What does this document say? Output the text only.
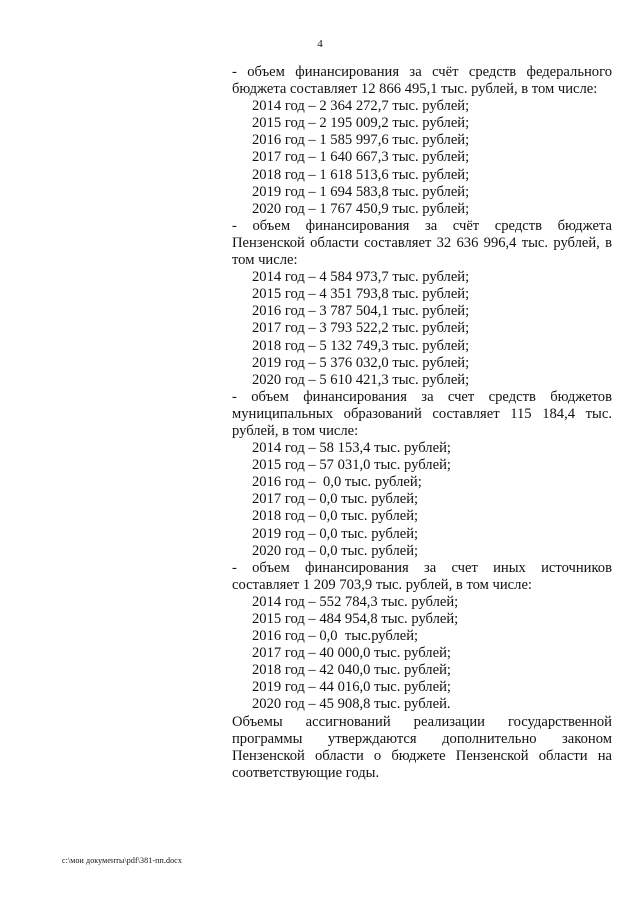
4
- объем финансирования за счёт средств федерального бюджета составляет 12 866 495,1 тыс. рублей, в том числе:
2014 год – 2 364 272,7 тыс. рублей;
2015 год – 2 195 009,2 тыс. рублей;
2016 год – 1 585 997,6 тыс. рублей;
2017 год – 1 640 667,3 тыс. рублей;
2018 год – 1 618 513,6 тыс. рублей;
2019 год – 1 694 583,8 тыс. рублей;
2020 год – 1 767 450,9 тыс. рублей;
- объем финансирования за счёт средств бюджета Пензенской области составляет 32 636 996,4 тыс. рублей, в том числе:
2014 год – 4 584 973,7 тыс. рублей;
2015 год – 4 351 793,8 тыс. рублей;
2016 год – 3 787 504,1 тыс. рублей;
2017 год – 3 793 522,2 тыс. рублей;
2018 год – 5 132 749,3 тыс. рублей;
2019 год – 5 376 032,0 тыс. рублей;
2020 год – 5 610 421,3 тыс. рублей;
- объем финансирования за счет средств бюджетов муниципальных образований составляет 115 184,4 тыс. рублей, в том числе:
2014 год – 58 153,4 тыс. рублей;
2015 год – 57 031,0 тыс. рублей;
2016 год –  0,0 тыс. рублей;
2017 год – 0,0 тыс. рублей;
2018 год – 0,0 тыс. рублей;
2019 год – 0,0 тыс. рублей;
2020 год – 0,0 тыс. рублей;
- объем финансирования за счет иных источников составляет 1 209 703,9 тыс. рублей, в том числе:
2014 год – 552 784,3 тыс. рублей;
2015 год – 484 954,8 тыс. рублей;
2016 год – 0,0  тыс.рублей;
2017 год – 40 000,0 тыс. рублей;
2018 год – 42 040,0 тыс. рублей;
2019 год – 44 016,0 тыс. рублей;
2020 год – 45 908,8 тыс. рублей.
Объемы ассигнований реализации государственной программы утверждаются дополнительно законом Пензенской области о бюджете Пензенской области на соответствующие годы.
c:\мои документы\pdf\381-пп.docx
